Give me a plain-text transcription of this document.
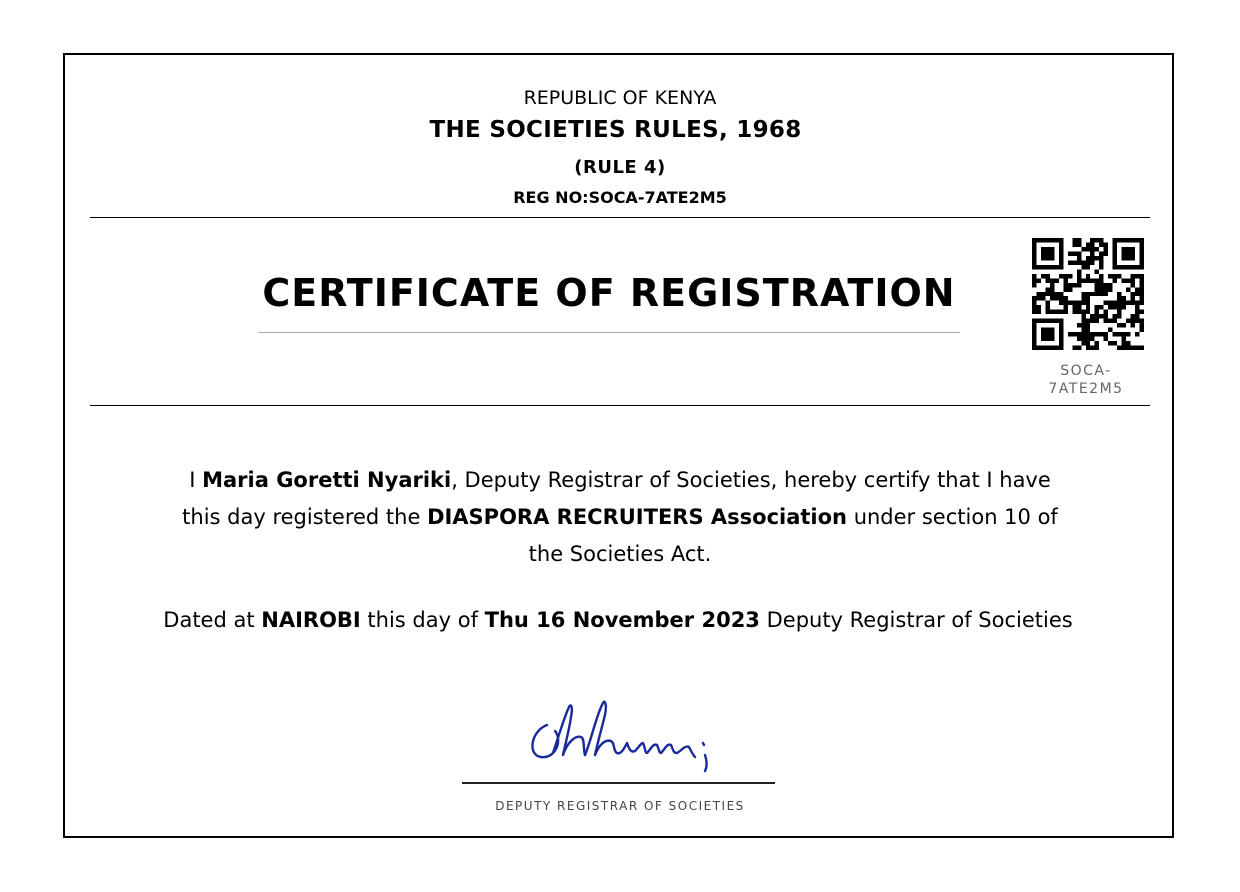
REPUBLIC OF KENYA
THE SOCIETIES RULES, 1968
(RULE 4)
REG NO:SOCA-7ATE2M5
CERTIFICATE OF REGISTRATION
SOCA-
7ATE2M5
I Maria Goretti Nyariki, Deputy Registrar of Societies, hereby certify that I have this day registered the DIASPORA RECRUITERS Association under section 10 of the Societies Act.
Dated at NAIROBI this day of Thu 16 November 2023 Deputy Registrar of Societies
DEPUTY REGISTRAR OF SOCIETIES
